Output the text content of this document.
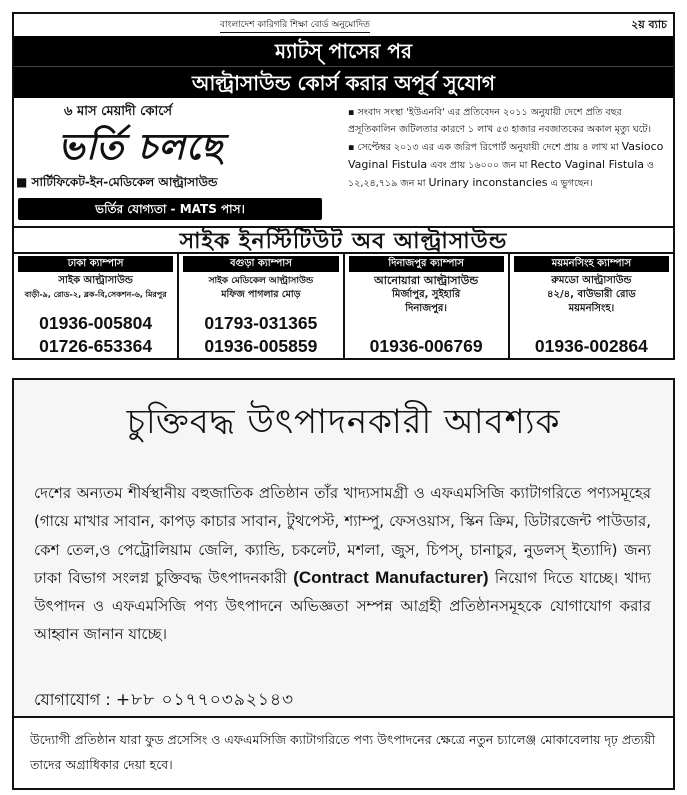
বাংলাদেশ কারিগরি শিক্ষা বোর্ড অনুমোদিত	২য় ব্যাচ
ম্যাটস্ পাসের পর
আল্ট্রাসাউন্ড কোর্স করার অপূর্ব সুযোগ
৬ মাস মেয়াদী কোর্সে
ভর্তি চলছে
■ সার্টিফিকেট-ইন-মেডিকেল আল্ট্রাসাউন্ড
ভর্তির যোগ্যতা - MATS পাস।

▪ সংবাদ সংস্থা 'ইউএনবি' এর প্রতিবেদন ২০১১ অনুযায়ী দেশে প্রতি বছর প্রসূতিকালিন জটিলতার কারণে ১ লাখ ৫৩ হাজার নবজাতকের অকাল মৃত্যু ঘটে।

▪ সেপ্টেম্বর ২০১৩ এর এক জরিপ রিপোর্ট অনুযায়ী দেশে প্রায় ৪ লাখ মা Vasioco Vaginal Fistula এবং প্রায় ১৬০০০ জন মা Recto Vaginal Fistula ও ১২,২৪,৭১৯ জন মা Urinary inconstancies এ ভুগছেন।

সাইক ইনস্টিটিউট অব আল্ট্রাসাউন্ড
ঢাকা ক্যাম্পাস
সাইক আল্ট্রাসাউন্ড
বাড়ী-৯, রোড-২, ব্লক-বি,সেকশন-৬, মিরপুর
01936-005804
01726-653364
বগুড়া ক্যাম্পাস
সাইক মেডিকেল আল্ট্রাসাউন্ড
মফিজ পাগলার মোড়
01793-031365
01936-005859
দিনাজপুর ক্যাম্পাস
আনোয়ারা আল্ট্রাসাউন্ড
মির্জাপুর, সুইহারি
দিনাজপুর।
01936-006769
ময়মনসিংহ ক্যাম্পাস
রুমডো আল্ট্রাসাউন্ড
৪২/৪, বাউভারী রোড
ময়মনসিংহ।
01936-002864
চুক্তিবদ্ধ উৎপাদনকারী আবশ্যক
দেশের অন্যতম শীর্ষস্থানীয় বহুজাতিক প্রতিষ্ঠান তাঁর খাদ্যসামগ্রী ও এফএমসিজি ক্যাটাগরিতে পণ্যসমূহের (গায়ে মাখার সাবান, কাপড় কাচার সাবান, টুথপেস্ট, শ্যাম্পু, ফেসওয়াস, স্কিন ক্রিম, ডিটারজেন্ট পাউডার, কেশ তেল,ও পেট্রোলিয়াম জেলি, ক্যান্ডি, চকলেট, মশলা, জুস, চিপস্, চানাচুর, নুডলস্ ইত্যাদি) জন্য ঢাকা বিভাগ সংলগ্ন চুক্তিবদ্ধ উৎপাদনকারী (Contract Manufacturer) নিয়োগ দিতে যাচ্ছে। খাদ্য উৎপাদন ও এফএমসিজি পণ্য উৎপাদনে অভিজ্ঞতা সম্পন্ন আগ্রহী প্রতিষ্ঠানসমূহকে যোগাযোগ করার আহ্বান জানান যাচ্ছে।
যোগাযোগ : +৮৮ ০১৭৭০৩৯২১৪৩
উদ্যোগী প্রতিষ্ঠান যারা ফুড প্রসেসিং ও এফএমসিজি ক্যাটাগরিতে পণ্য উৎপাদনের ক্ষেত্রে নতুন চ্যালেঞ্জ মোকাবেলায় দৃঢ় প্রত্যয়ী তাদের অগ্রাধিকার দেয়া হবে।
